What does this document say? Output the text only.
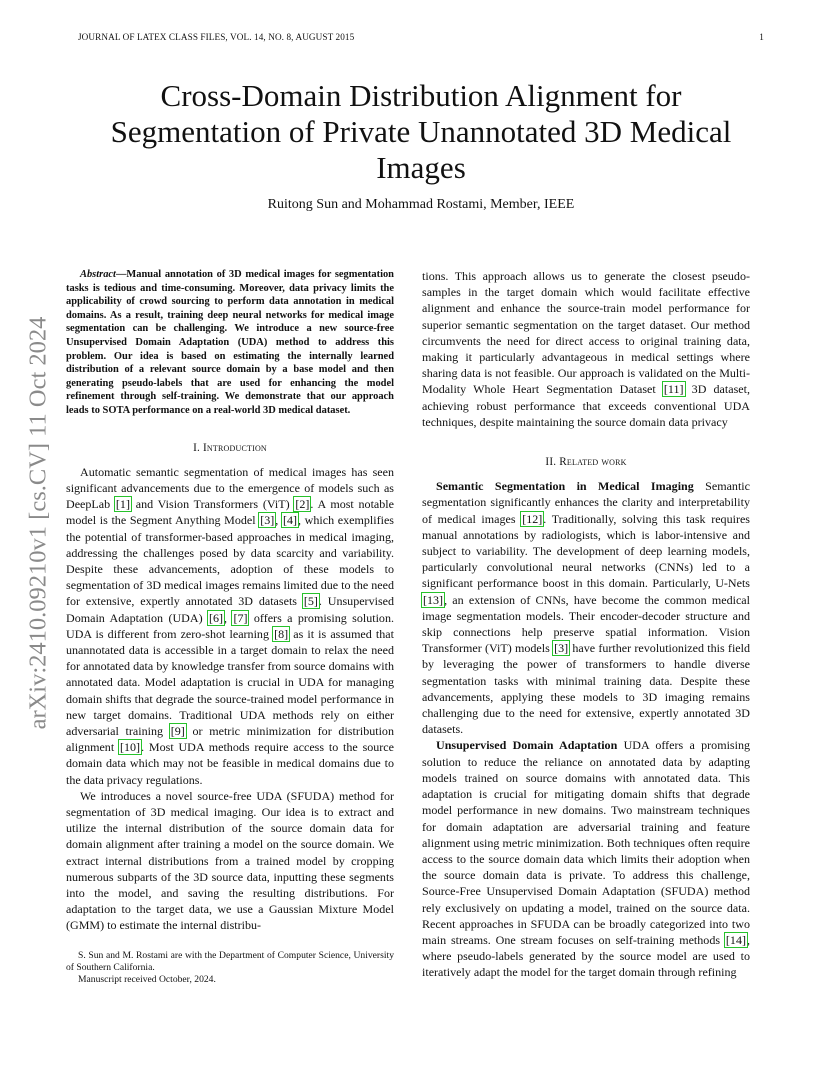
JOURNAL OF LATEX CLASS FILES, VOL. 14, NO. 8, AUGUST 2015	1
arXiv:2410.09210v1 [cs.CV] 11 Oct 2024
Cross-Domain Distribution Alignment for Segmentation of Private Unannotated 3D Medical Images
Ruitong Sun and Mohammad Rostami, Member, IEEE

Abstract—Manual annotation of 3D medical images for segmentation tasks is tedious and time-consuming. Moreover, data privacy limits the applicability of crowd sourcing to perform data annotation in medical domains. As a result, training deep neural networks for medical image segmentation can be challenging. We introduce a new source-free Unsupervised Domain Adaptation (UDA) method to address this problem. Our idea is based on estimating the internally learned distribution of a relevant source domain by a base model and then generating pseudo-labels that are used for enhancing the model refinement through self-training. We demonstrate that our approach leads to SOTA performance on a real-world 3D medical dataset.

I. Introduction

Automatic semantic segmentation of medical images has seen significant advancements due to the emergence of models such as DeepLab [1] and Vision Transformers (ViT) [2]. A most notable model is the Segment Anything Model [3], [4], which exemplifies the potential of transformer-based approaches in medical imaging, addressing the challenges posed by data scarcity and variability. Despite these advancements, adoption of these models to segmentation of 3D medical images remains limited due to the need for extensive, expertly annotated 3D datasets [5]. Unsupervised Domain Adaptation (UDA) [6], [7] offers a promising solution. UDA is different from zero-shot learning [8] as it is assumed that unannotated data is accessible in a target domain to relax the need for annotated data by knowledge transfer from source domains with annotated data. Model adaptation is crucial in UDA for managing domain shifts that degrade the source-trained model performance in new target domains. Traditional UDA methods rely on either adversarial training [9] or metric minimization for distribution alignment [10]. Most UDA methods require access to the source domain data which may not be feasible in medical domains due to the data privacy regulations.

We introduces a novel source-free UDA (SFUDA) method for segmentation of 3D medical imaging. Our idea is to extract and utilize the internal distribution of the source domain data for domain alignment after training a model on the source domain. We extract internal distributions from a trained model by cropping numerous subparts of the 3D source data, inputting these segments into the model, and saving the resulting distributions. For adaptation to the target data, we use a Gaussian Mixture Model (GMM) to estimate the internal distribu-

S. Sun and M. Rostami are with the Department of Computer Science, University of Southern California.

Manuscript received October, 2024.

tions. This approach allows us to generate the closest pseudo-samples in the target domain which would facilitate effective alignment and enhance the source-train model performance for superior semantic segmentation on the target dataset. Our method circumvents the need for direct access to original training data, making it particularly advantageous in medical settings where sharing data is not feasible. Our approach is validated on the Multi-Modality Whole Heart Segmentation Dataset [11] 3D dataset, achieving robust performance that exceeds conventional UDA techniques, despite maintaining the source domain data privacy

II. Related work

Semantic Segmentation in Medical Imaging Semantic segmentation significantly enhances the clarity and interpretability of medical images [12]. Traditionally, solving this task requires manual annotations by radiologists, which is labor-intensive and subject to variability. The development of deep learning models, particularly convolutional neural networks (CNNs) led to a significant performance boost in this domain. Particularly, U-Nets [13], an extension of CNNs, have become the common medical image segmentation models. Their encoder-decoder structure and skip connections help preserve spatial information. Vision Transformer (ViT) models [3] have further revolutionized this field by leveraging the power of transformers to handle diverse segmentation tasks with minimal training data. Despite these advancements, applying these models to 3D imaging remains challenging due to the need for extensive, expertly annotated 3D datasets.

Unsupervised Domain Adaptation UDA offers a promising solution to reduce the reliance on annotated data by adapting models trained on source domains with annotated data. This adaptation is crucial for mitigating domain shifts that degrade model performance in new domains. Two mainstream techniques for domain adaptation are adversarial training and feature alignment using metric minimization. Both techniques often require access to the source domain data which limits their adoption when the source domain data is private. To address this challenge, Source-Free Unsupervised Domain Adaptation (SFUDA) method rely exclusively on updating a model, trained on the source data. Recent approaches in SFUDA can be broadly categorized into two main streams. One stream focuses on self-training methods [14], where pseudo-labels generated by the source model are used to iteratively adapt the model for the target domain through refining
